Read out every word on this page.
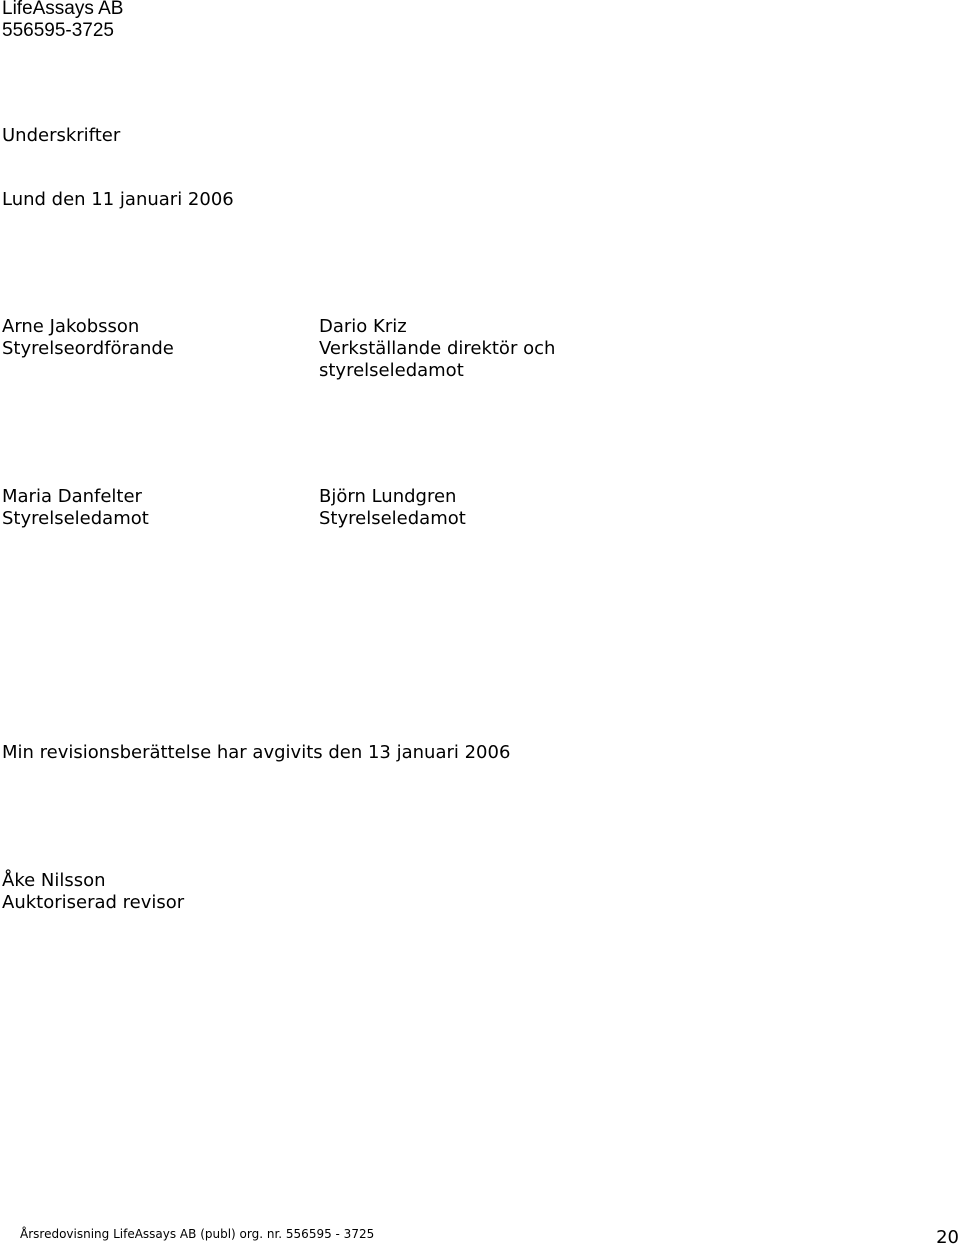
LifeAssays AB
556595-3725
Underskrifter
Lund den 11 januari 2006
Arne Jakobsson
Styrelseordförande
Dario Kriz
Verkställande direktör och
styrelseledamot
Maria Danfelter
Styrelseledamot
Björn Lundgren
Styrelseledamot
Min revisionsberättelse har avgivits den 13 januari 2006
Åke Nilsson
Auktoriserad revisor
Årsredovisning LifeAssays AB (publ) org. nr. 556595 - 3725	20
